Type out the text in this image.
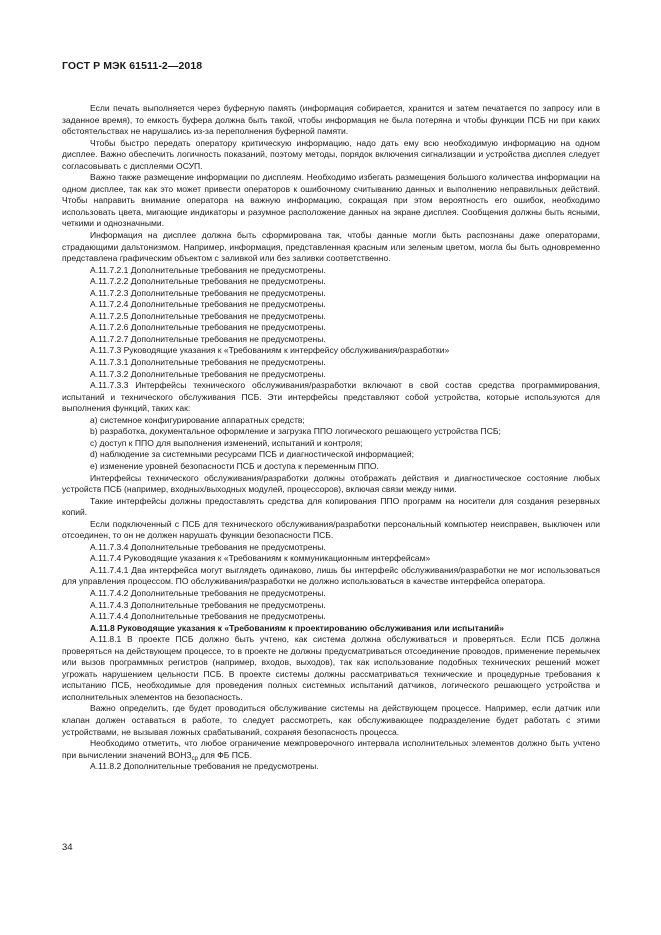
ГОСТ Р МЭК 61511-2—2018

Если печать выполняется через буферную память (информация собирается, хранится и затем печатается по запросу или в заданное время), то емкость буфера должна быть такой, чтобы информация не была потеряна и чтобы функции ПСБ ни при каких обстоятельствах не нарушались из-за переполнения буферной памяти.

Чтобы быстро передать оператору критическую информацию, надо дать ему всю необходимую информацию на одном дисплее. Важно обеспечить логичность показаний, поэтому методы, порядок включения сигнализации и устройства дисплея следует согласовывать с дисплеями ОСУП.

Важно также размещение информации по дисплеям. Необходимо избегать размещения большого количества информации на одном дисплее, так как это может привести операторов к ошибочному считыванию данных и выполнению неправильных действий. Чтобы направить внимание оператора на важную информацию, сокращая при этом вероятность его ошибок, необходимо использовать цвета, мигающие индикаторы и разумное расположение данных на экране дисплея. Сообщения должны быть ясными, четкими и однозначными.

Информация на дисплее должна быть сформирована так, чтобы данные могли быть распознаны даже операторами, страдающими дальтонизмом. Например, информация, представленная красным или зеленым цветом, могла бы быть одновременно представлена графическим объектом с заливкой или без заливки соответственно.

А.11.7.2.1 Дополнительные требования не предусмотрены.

А.11.7.2.2 Дополнительные требования не предусмотрены.

А.11.7.2.3 Дополнительные требования не предусмотрены.

А.11.7.2.4 Дополнительные требования не предусмотрены.

А.11.7.2.5 Дополнительные требования не предусмотрены.

А.11.7.2.6 Дополнительные требования не предусмотрены.

А.11.7.2.7 Дополнительные требования не предусмотрены.

А.11.7.3 Руководящие указания к «Требованиям к интерфейсу обслуживания/разработки»

А.11.7.3.1 Дополнительные требования не предусмотрены.

А.11.7.3.2 Дополнительные требования не предусмотрены.

А.11.7.3.3 Интерфейсы технического обслуживания/разработки включают в свой состав средства программирования, испытаний и технического обслуживания ПСБ. Эти интерфейсы представляют собой устройства, которые используются для выполнения функций, таких как:

a) системное конфигурирование аппаратных средств;

b) разработка, документальное оформление и загрузка ППО логического решающего устройства ПСБ;

c) доступ к ППО для выполнения изменений, испытаний и контроля;

d) наблюдение за системными ресурсами ПСБ и диагностической информацией;

e) изменение уровней безопасности ПСБ и доступа к переменным ППО.

Интерфейсы технического обслуживания/разработки должны отображать действия и диагностическое состояние любых устройств ПСБ (например, входных/выходных модулей, процессоров), включая связи между ними.

Такие интерфейсы должны предоставлять средства для копирования ППО программ на носители для создания резервных копий.

Если подключенный с ПСБ для технического обслуживания/разработки персональный компьютер неисправен, выключен или отсоединен, то он не должен нарушать функции безопасности ПСБ.

А.11.7.3.4 Дополнительные требования не предусмотрены.

А.11.7.4 Руководящие указания к «Требованиям к коммуникационным интерфейсам»

А.11.7.4.1 Два интерфейса могут выглядеть одинаково, лишь бы интерфейс обслуживания/разработки не мог использоваться для управления процессом. ПО обслуживания/разработки не должно использоваться в качестве интерфейса оператора.

А.11.7.4.2 Дополнительные требования не предусмотрены.

А.11.7.4.3 Дополнительные требования не предусмотрены.

А.11.7.4.4 Дополнительные требования не предусмотрены.

А.11.8 Руководящие указания к «Требованиям к проектированию обслуживания или испытаний»

А.11.8.1 В проекте ПСБ должно быть учтено, как система должна обслуживаться и проверяться. Если ПСБ должна проверяться на действующем процессе, то в проекте не должны предусматриваться отсоединение проводов, применение перемычек или вызов программных регистров (например, входов, выходов), так как использование подобных технических решений может угрожать нарушением цельности ПСБ. В проекте системы должны рассматриваться технические и процедурные требования к испытанию ПСБ, необходимые для проведения полных системных испытаний датчиков, логического решающего устройства и исполнительных элементов на безопасность.

Важно определить, где будет проводиться обслуживание системы на действующем процессе. Например, если датчик или клапан должен оставаться в работе, то следует рассмотреть, как обслуживающее подразделение будет работать с этими устройствами, не вызывая ложных срабатываний, сохраняя безопасность процесса.

Необходимо отметить, что любое ограничение межпроверочного интервала исполнительных элементов должно быть учтено при вычислении значений $ВОНЗ_{ср}$ для ФБ ПСБ.

А.11.8.2 Дополнительные требования не предусмотрены.

34
